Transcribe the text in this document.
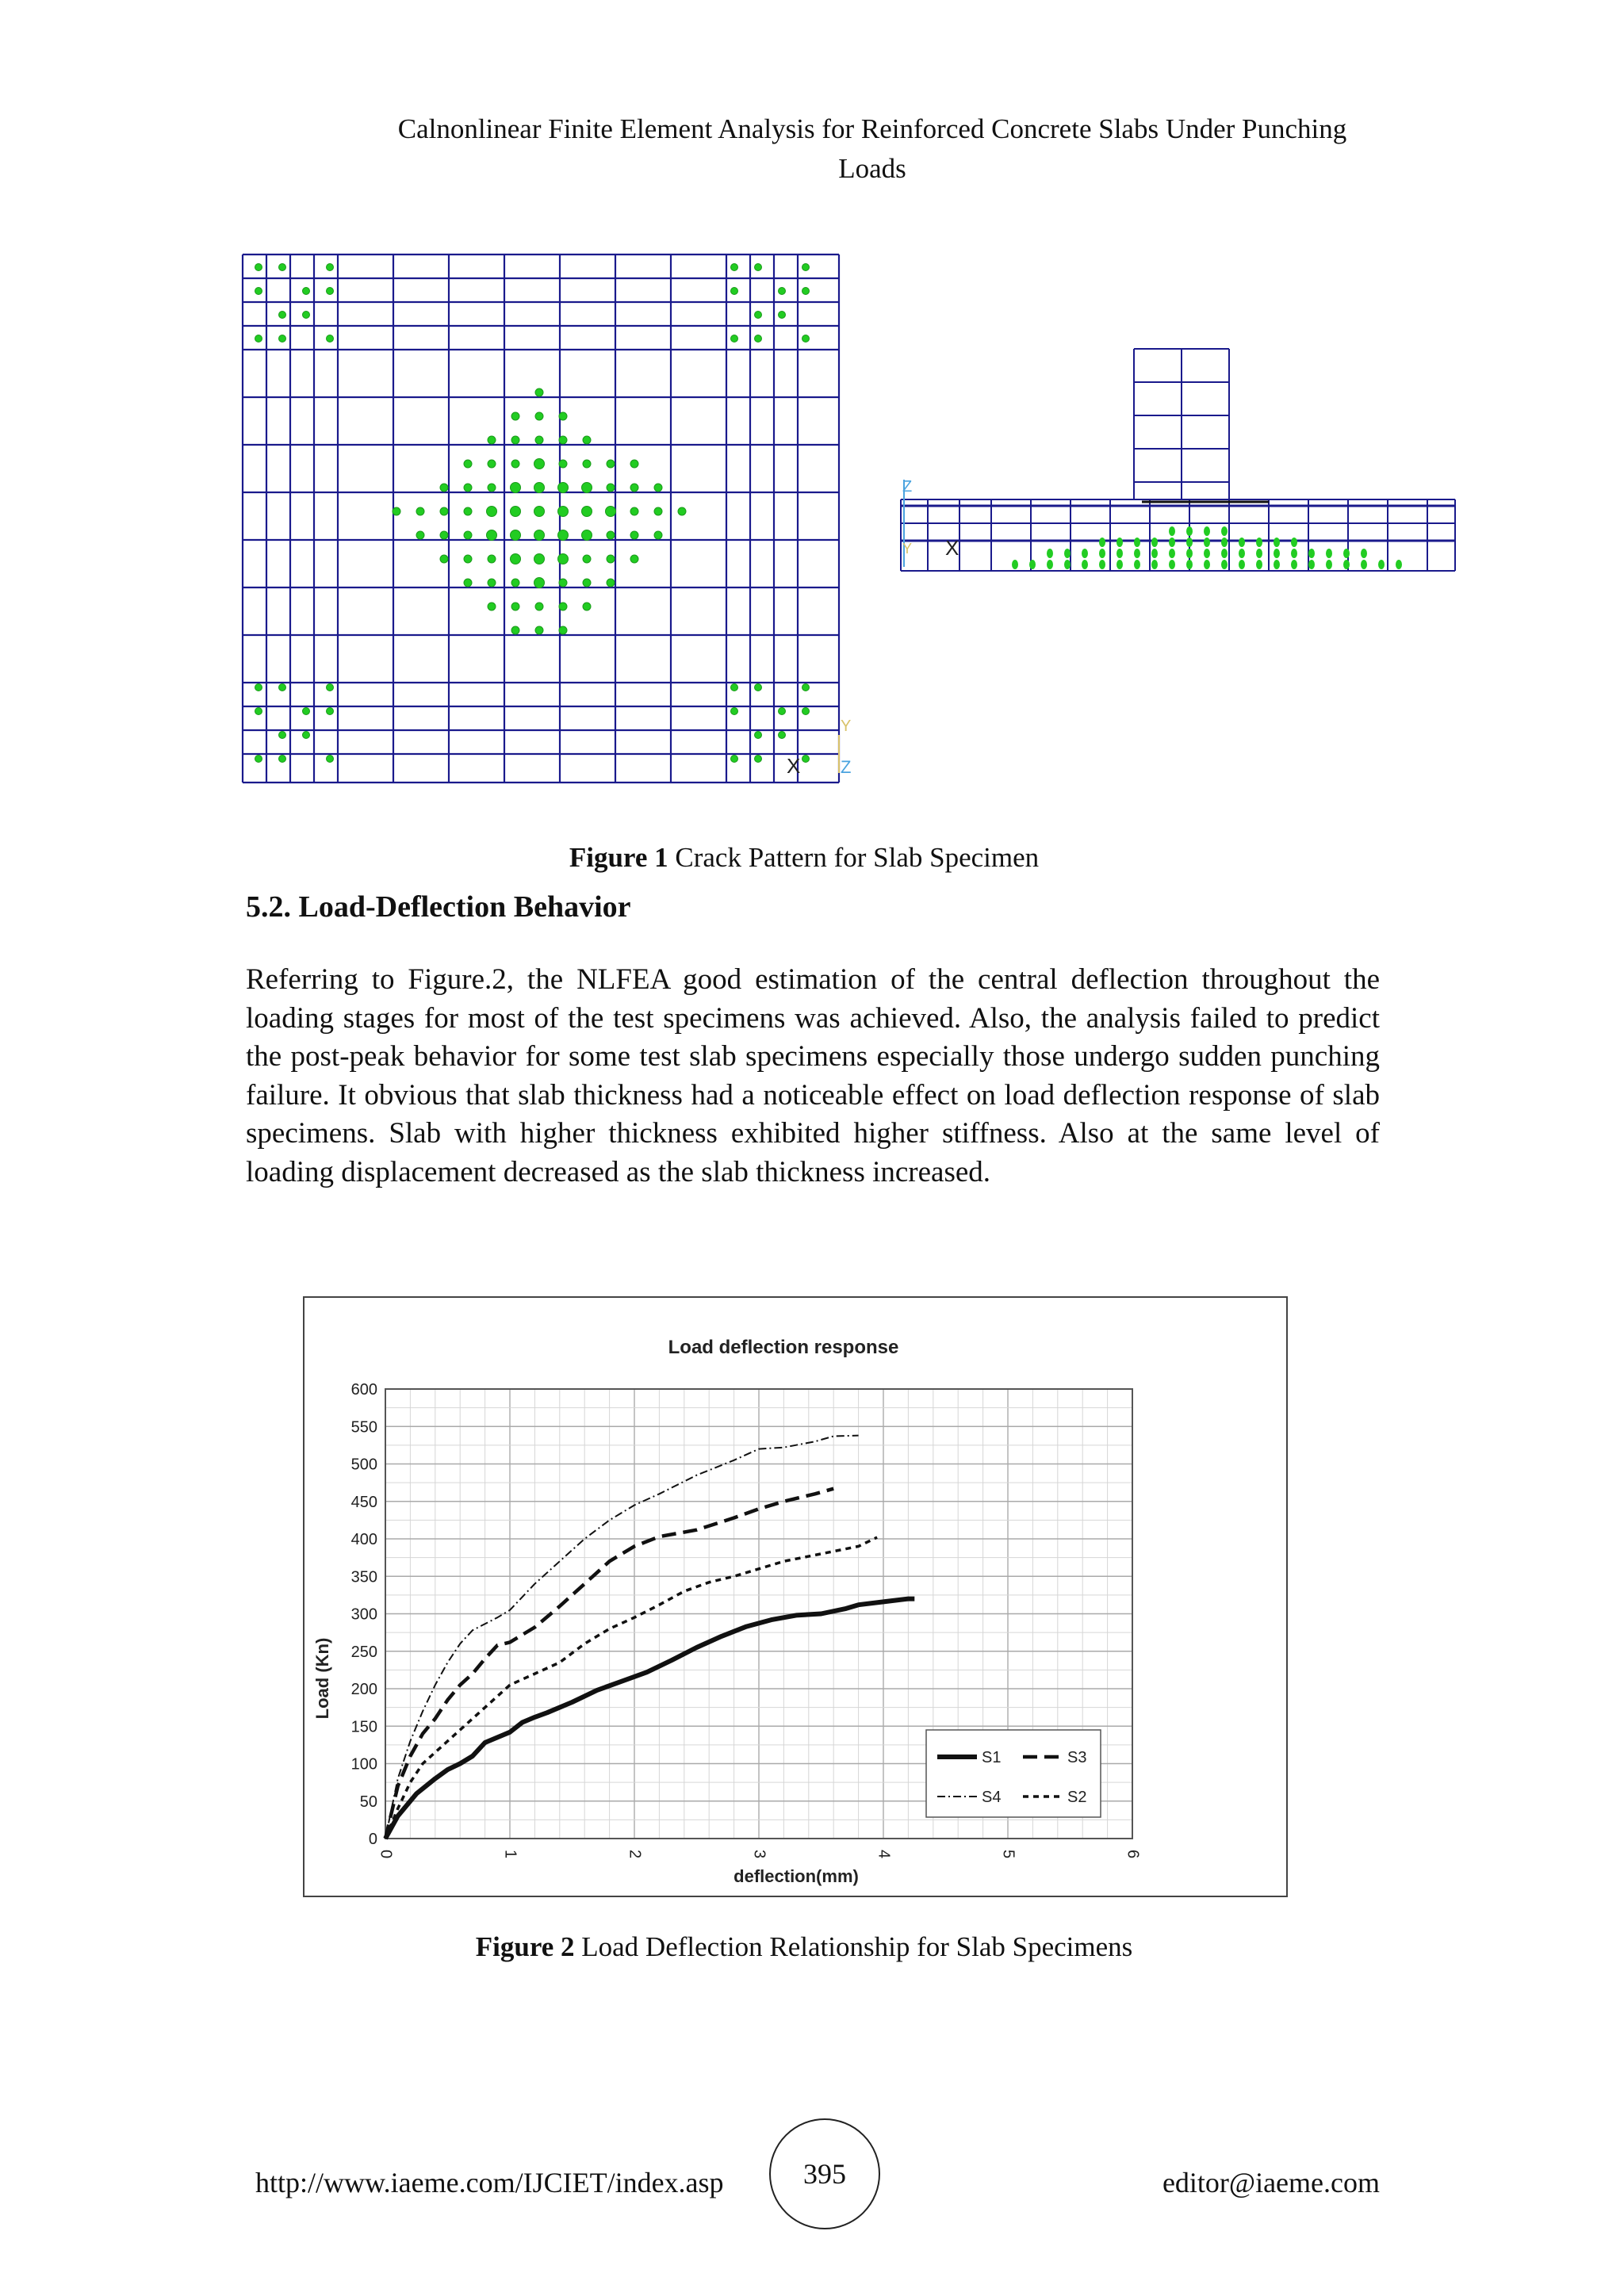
Calnonlinear Finite Element Analysis for Reinforced Concrete Slabs Under Punching
Loads
Y
X Z
Z
Y X
Figure 1 Crack Pattern for Slab Specimen
5.2. Load-Deflection Behavior
Referring to Figure.2, the NLFEA good estimation of the central deflection throughout the loading stages for most of the test specimens was achieved. Also, the analysis failed to predict the post-peak behavior for some test slab specimens especially those undergo sudden punching failure. It obvious that slab thickness had a noticeable effect on load deflection response of slab specimens. Slab with higher thickness exhibited higher stiffness. Also at the same level of loading displacement decreased as the slab thickness increased.
Load deflection response
0
50
100
150
200
250
300
350
400
450
500
550
600
0	1	2	3	4	5	6
S1	S3
S4	S2
deflection(mm)
Load (Kn)
Figure 2 Load Deflection Relationship for Slab Specimens
http://www.iaeme.com/IJCIET/index.asp	395	editor@iaeme.com
